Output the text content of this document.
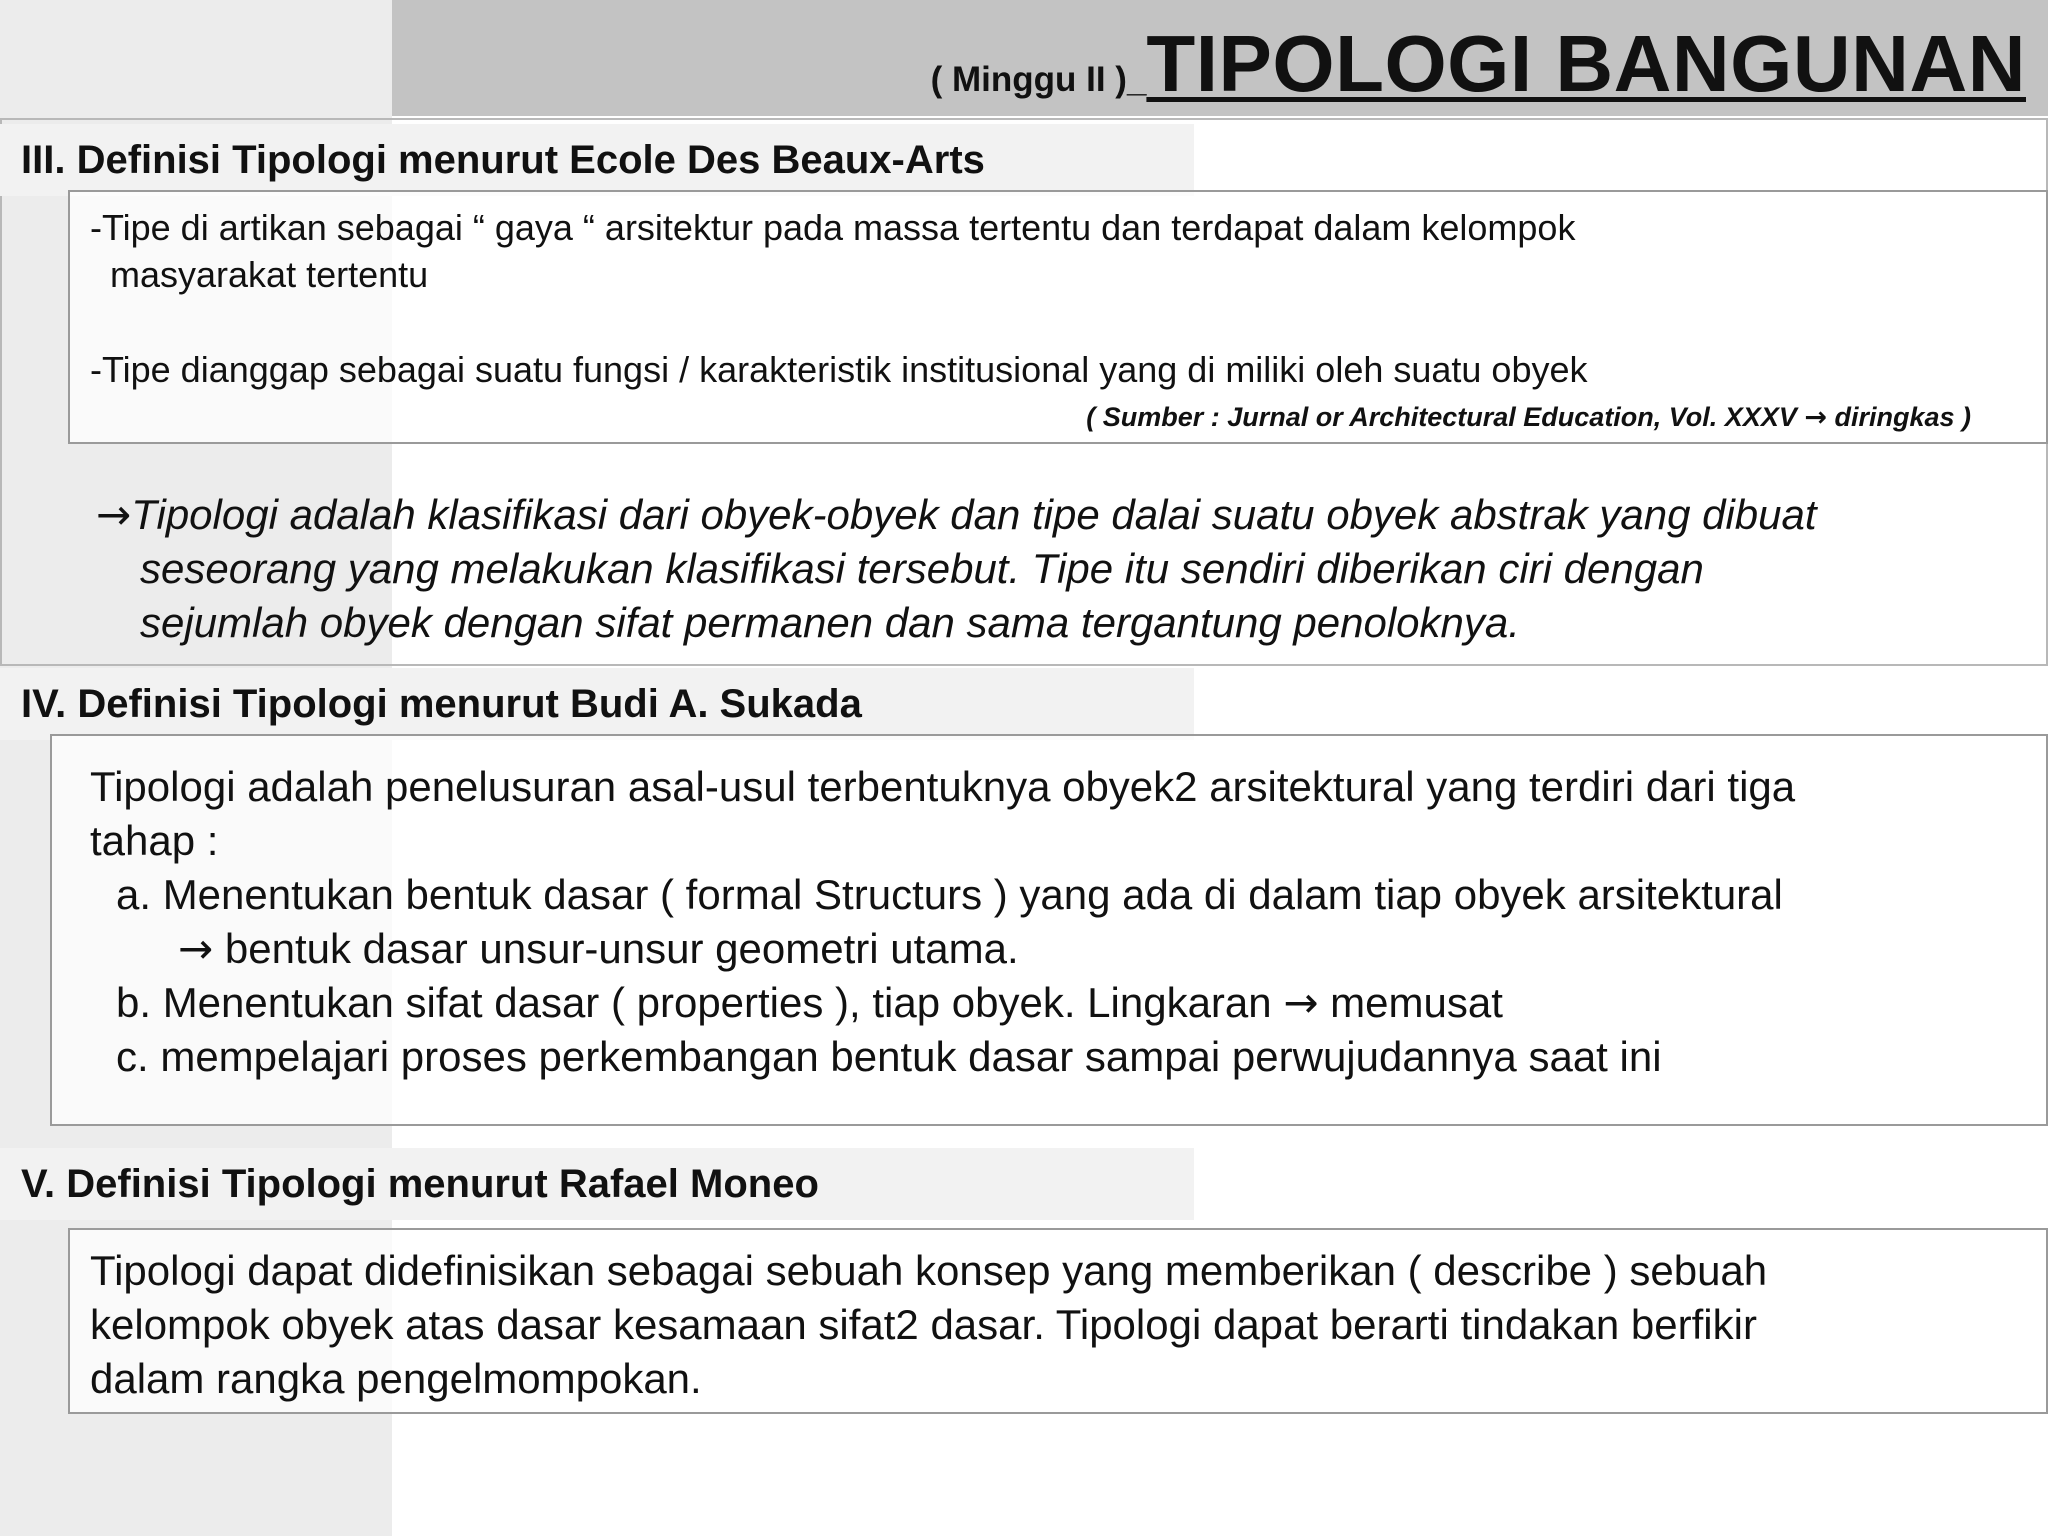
( Minggu II )_TIPOLOGI BANGUNAN
III. Definisi Tipologi menurut Ecole Des Beaux-Arts
-Tipe di artikan sebagai “ gaya “ arsitektur pada massa tertentu dan terdapat dalam kelompok
masyarakat tertentu
-Tipe dianggap sebagai suatu fungsi / karakteristik institusional yang di miliki oleh suatu obyek
( Sumber : Jurnal or Architectural Education, Vol. XXXV → diringkas )
→Tipologi adalah klasifikasi dari obyek-obyek dan tipe dalai suatu obyek abstrak yang dibuat
seseorang yang melakukan klasifikasi tersebut. Tipe itu sendiri diberikan ciri dengan
sejumlah obyek dengan sifat permanen dan sama tergantung penoloknya.
IV. Definisi Tipologi menurut Budi A. Sukada
Tipologi adalah penelusuran asal-usul terbentuknya obyek2 arsitektural yang terdiri dari tiga
tahap :
a. Menentukan bentuk dasar ( formal Structurs ) yang ada di dalam tiap obyek arsitektural
→ bentuk dasar unsur-unsur geometri utama.
b. Menentukan sifat dasar ( properties ), tiap obyek. Lingkaran → memusat
c. mempelajari proses perkembangan bentuk dasar sampai perwujudannya saat ini
V. Definisi Tipologi menurut Rafael Moneo
Tipologi dapat didefinisikan sebagai sebuah konsep yang memberikan ( describe ) sebuah
kelompok obyek atas dasar kesamaan sifat2 dasar. Tipologi dapat berarti tindakan berfikir
dalam rangka pengelmompokan.
